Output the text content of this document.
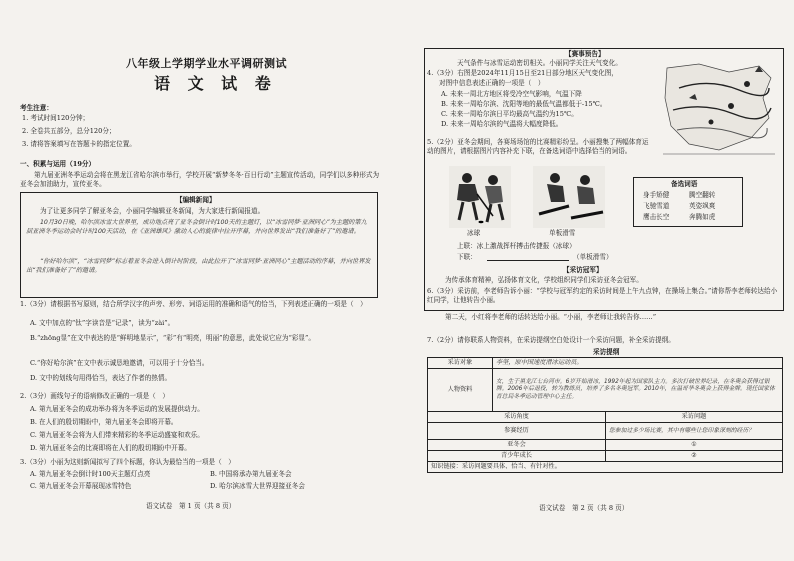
八年级上学期学业水平调研测试
语 文 试 卷
考生注意：
1. 考试时间120分钟；
2. 全卷共五部分，总分120分；
3. 请将答案填写在答题卡的指定位置。
一、积累与运用（19分）
第九届亚洲冬季运动会将在黑龙江省哈尔滨市举行，学校开展“新梦冬冬·百日行动”主题宣传活动，同学们以多种形式为亚冬会加油助力，宣传亚冬。
【编辑新闻】
为了让更多同学了解亚冬会，小丽同学编辑亚冬新闻，为大家进行新闻报道。
10月30日晚，哈尔滨冰雪大世界里，成功地点亮了亚冬会倒计时100天的主题灯，以“冰雪同梦·亚洲同心”为主题的第九届亚洲冬季运动会时计时100天活动，在《亚洲雄风》激动人心的旋律中拉开序幕，并向世界发出“我们准备好了”的邀请。
“你好哈尔滨”，“冰雪同梦”标志着亚冬会进入倒计时阶段，由此拉开了“冰雪同梦·亚洲同心”主题活动的序幕，并向世界发出“我们准备好了”的邀请。
1.（3分）请根据书写原则，结合所学汉字的声旁、形旁、词语运用的准确和语气的恰当，下列表述正确的一项是（　）
A. 文中加点的“钛”字读音是“记录”，读为“zài”。
B.“zhōng显”在文中表达的是“鲜明地显示”，“彩”有“明亮，明丽”的意思，此处说它应为“彩显”。
C.“你好哈尔滨”在文中表示诚恳地邀请，可以用于十分恰当。
D. 文中的划线句用得恰当，表达了作者的热情。
2.（3分）画线句子的语病修改正确的一项是（　）
A. 第九届亚冬会的成功举办将为冬季运动的发展提供动力。
B. 在人们的殷切期盼中，第九届亚冬会即将开幕。
C. 第九届亚冬会将为人们带来精彩的冬季运动盛宴和欢乐。
D. 第九届亚冬会的比赛即将在人们的殷切期盼中开幕。
3.（3分）小丽为这则新闻拟写了四个标题，你认为最恰当的一项是（　）
A. 第九届亚冬会倒计时100天主题灯点亮	B. 中国将承办第九届亚冬会
C. 第九届亚冬会开幕展现冰雪特色	D. 哈尔滨冰雪大世界迎接亚冬会
语文试卷　第 1 页（共 8 页）
【赛事预告】
天气条件与冰雪运动密切相关。小丽同学关注天气变化。
4.（3分）右图是2024年11月15日至21日部分地区天气变化图，
对图中信息表述正确的一项是（　）
A. 未来一周北方地区将受冷空气影响，气温下降
B. 未来一周哈尔滨、沈阳等地的最低气温都低于-15℃。
C. 未来一周哈尔滨日平均最高气温约为15℃。
D. 未来一周哈尔滨的气温将大幅度降低。
5.（2分）亚冬会期间，各赛场场馆的比赛精彩纷呈。小丽搜集了两幅体育运动的图片，请根据图片内容补充下联，在备选词语中选择恰当的词语。
冰球	单板滑雪
备选词语
身手矫健	腾空翻转
飞驰雪道	英姿飒爽
鹰击长空	奔腾如虎
上联：冰上激战挥杆搏击传捷报（冰球）
下联：	（单板滑雪）
【采访冠军】
为传承体育精神，弘扬体育文化，学校组织同学们采访亚冬会冠军。
6.（3分）采访前，李老师告诉小丽：“学校与冠军约定的采访时间是上午九点钟，在操场上集合。”请你帮李老师转达给小红同学，让他转告小丽。
第二天，小红将李老师的话转达给小丽。“小丽，李老师让我转告你……”
7.（2分）请你联系人物资料，在采访提纲空白处设计一个采访问题，补全采访提纲。
采访提纲
采访对象	李坚，原中国速度滑冰运动员。	
人物资料	女，生于黑龙江七台河市。6岁开始滑冰，1992年起为国家队主力。多次打破世界纪录，在冬奥会获得过银牌。2006年后退役，转为教练员，培养了多名冬奥冠军。2010年，在温哥华冬奥会上获得金牌。现任国家体育总局冬季运动管理中心主任。	
采访角度		采访问题
参赛经历		您参加过多少场比赛，其中有哪些让您印象深刻的经历？
亚冬会		①
青少年成长		②
知识链接：采访问题要具体、恰当、有针对性。		
语文试卷　第 2 页（共 8 页）
